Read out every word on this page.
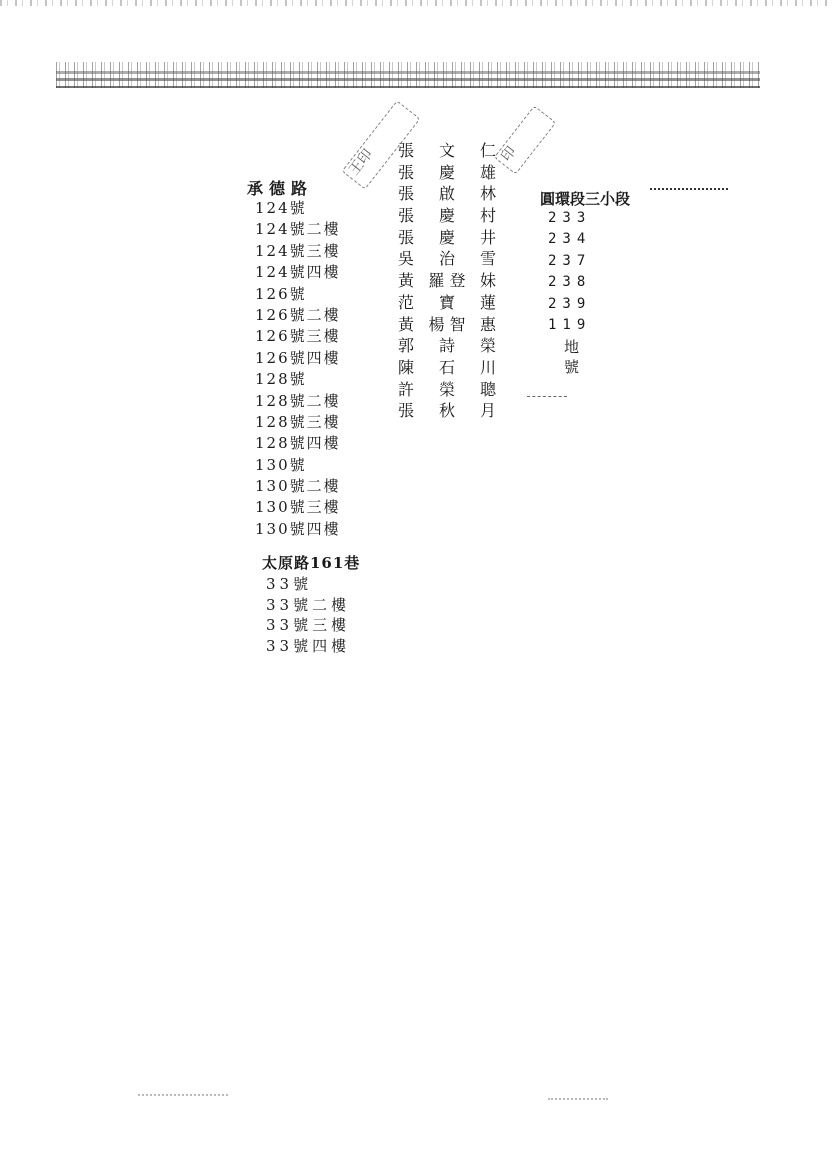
王印	印
承德路
124號
124號二樓
124號三樓
124號四樓
126號
126號二樓
126號三樓
126號四樓
128號
128號二樓
128號三樓
128號四樓
130號
130號二樓
130號三樓
130號四樓
太原路161巷
33號
33號二樓
33號三樓
33號四樓
張 文 仁
張 慶 雄
張 啟 林
張 慶 村
張 慶 井
吳 治 雪
黃 羅 登 妹
范 寶 蓮
黃 楊 智 惠
郭 詩 榮
陳 石 川
許 榮 聰
張 秋 月
圓環段三小段
233
234
237
238
239
119
地號
